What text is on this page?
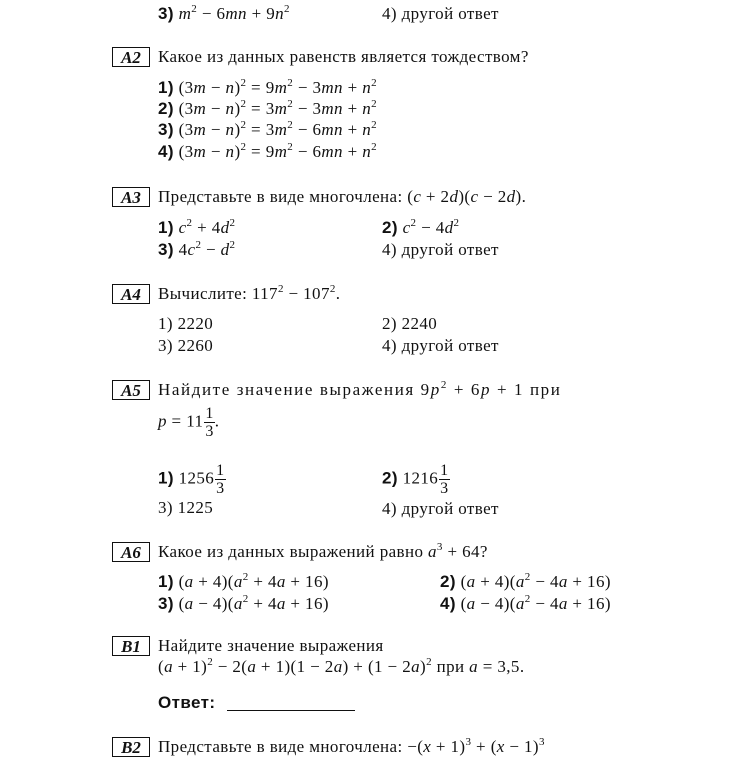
3) $m^2 - 6mn + 9n^2$	4) другой ответ
A2	Какое из данных равенств является тождеством?
1) $(3m - n)^2 = 9m^2 - 3mn + n^2$
2) $(3m - n)^2 = 3m^2 - 3mn + n^2$
3) $(3m - n)^2 = 3m^2 - 6mn + n^2$
4) $(3m - n)^2 = 9m^2 - 6mn + n^2$
A3	Представьте в виде многочлена: (c + 2d)(c − 2d).
1) $c^2 + 4d^2$	2) $c^2 - 4d^2$
3) $4c^2 - d^2$	4) другой ответ
A4	Вычислите: $117^2 - 107^2$.
1) 2220	2) 2240
3) 2260	4) другой ответ
A5	Найдите значение выражения $9p^2 + 6p + 1$ при
$p = 11 \frac{1}{3}$ .
1) $1256 \frac{1}{3}$	2) $1216 \frac{1}{3}$
3) 1225	4) другой ответ
A6	Какое из данных выражений равно $a^3 + 64$?
1) $(a + 4)(a^2 + 4a + 16)$	2) $(a + 4)(a^2 - 4a + 16)$
3) $(a - 4)(a^2 + 4a + 16)$	4) $(a - 4)(a^2 - 4a + 16)$
B1	Найдите значение выражения
$(a + 1)^2 - 2(a + 1)(1 - 2a) + (1 - 2a)^2$ при a = 3,5.
Ответ:
B2	Представьте в виде многочлена: $-(x + 1)^3 + (x - 1)^3$
